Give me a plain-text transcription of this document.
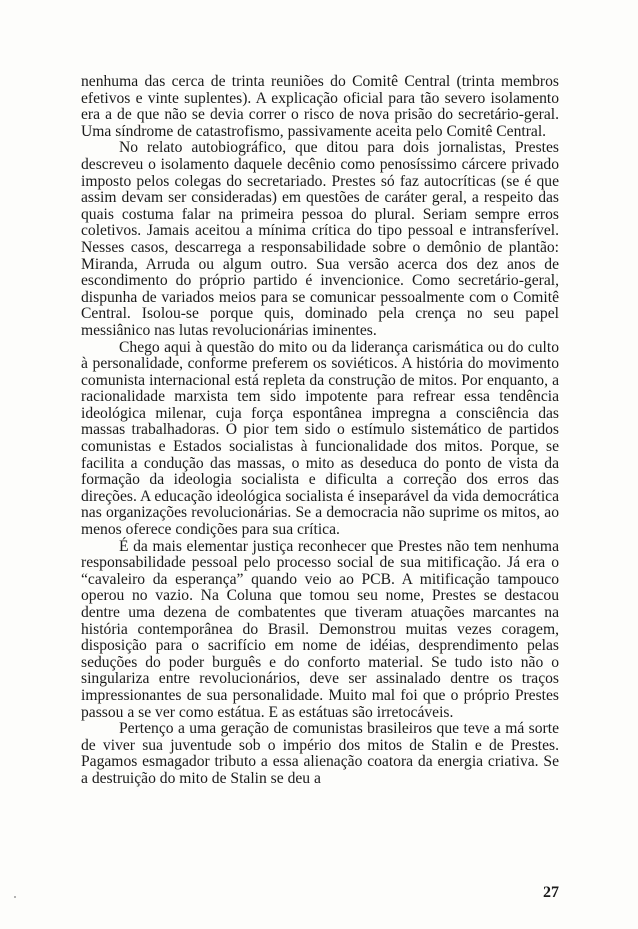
nenhuma das cerca de trinta reuniões do Comitê Central (trinta membros efetivos e vinte suplentes). A explicação oficial para tão severo isolamento era a de que não se devia correr o risco de nova prisão do secretário-geral. Uma síndrome de catastrofismo, passivamente aceita pelo Comitê Central.

No relato autobiográfico, que ditou para dois jornalistas, Prestes descreveu o isolamento daquele decênio como penosíssimo cárcere privado imposto pelos colegas do secretariado. Prestes só faz autocríticas (se é que assim devam ser consideradas) em questões de caráter geral, a respeito das quais costuma falar na primeira pessoa do plural. Seriam sempre erros coletivos. Jamais aceitou a mínima crítica do tipo pessoal e intransferível. Nesses casos, descarrega a responsabilidade sobre o demônio de plantão: Miranda, Arruda ou algum outro. Sua versão acerca dos dez anos de escondimento do próprio partido é invencionice. Como secretário-geral, dispunha de variados meios para se comunicar pessoalmente com o Comitê Central. Isolou-se porque quis, dominado pela crença no seu papel messiânico nas lutas revolucionárias iminentes.

Chego aqui à questão do mito ou da liderança carismática ou do culto à personalidade, conforme preferem os soviéticos. A história do movimento comunista internacional está repleta da construção de mitos. Por enquanto, a racionalidade marxista tem sido impotente para refrear essa tendência ideológica milenar, cuja força espontânea impregna a consciência das massas trabalhadoras. O pior tem sido o estímulo sistemático de partidos comunistas e Estados socialistas à funcionalidade dos mitos. Porque, se facilita a condução das massas, o mito as deseduca do ponto de vista da formação da ideologia socialista e dificulta a correção dos erros das direções. A educação ideológica socialista é inseparável da vida democrática nas organizações revolucionárias. Se a democracia não suprime os mitos, ao menos oferece condições para sua crítica.

É da mais elementar justiça reconhecer que Prestes não tem nenhuma responsabilidade pessoal pelo processo social de sua mitificação. Já era o “cavaleiro da esperança” quando veio ao PCB. A mitificação tampouco operou no vazio. Na Coluna que tomou seu nome, Prestes se destacou dentre uma dezena de combatentes que tiveram atuações marcantes na história contemporânea do Brasil. Demonstrou muitas vezes coragem, disposição para o sacrifício em nome de idéias, desprendimento pelas seduções do poder burguês e do conforto material. Se tudo isto não o singulariza entre revolucionários, deve ser assinalado dentre os traços impressionantes de sua personalidade. Muito mal foi que o próprio Prestes passou a se ver como estátua. E as estátuas são irretocáveis.

Pertenço a uma geração de comunistas brasileiros que teve a má sorte de viver sua juventude sob o império dos mitos de Stalin e de Prestes. Pagamos esmagador tributo a essa alienação coatora da energia criativa. Se a destruição do mito de Stalin se deu a

27
